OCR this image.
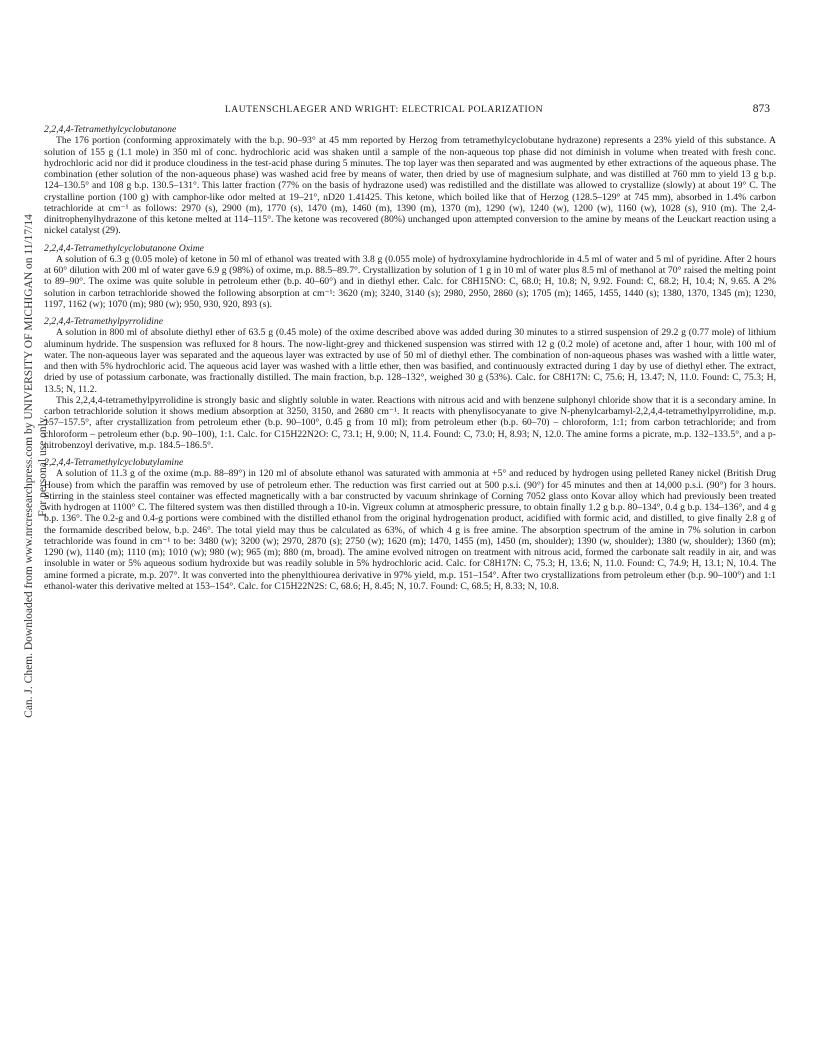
LAUTENSCHLAEGER AND WRIGHT: ELECTRICAL POLARIZATION	873
Can. J. Chem. Downloaded from www.nrcresearchpress.com by UNIVERSITY OF MICHIGAN on 11/17/14 For personal use only.

2,2,4,4-Tetramethylcyclobutanone

The 176 portion (conforming approximately with the b.p. 90–93° at 45 mm reported by Herzog from tetramethylcyclobutane hydrazone) represents a 23% yield of this substance. A solution of 155 g (1.1 mole) in 350 ml of conc. hydrochloric acid was shaken until a sample of the non-aqueous top phase did not diminish in volume when treated with fresh conc. hydrochloric acid nor did it produce cloudiness in the test-acid phase during 5 minutes. The top layer was then separated and was augmented by ether extractions of the aqueous phase. The combination (ether solution of the non-aqueous phase) was washed acid free by means of water, then dried by use of magnesium sulphate, and was distilled at 760 mm to yield 13 g b.p. 124–130.5° and 108 g b.p. 130.5–131°. This latter fraction (77% on the basis of hydrazone used) was redistilled and the distillate was allowed to crystallize (slowly) at about 19° C. The crystalline portion (100 g) with camphor-like odor melted at 19–21°, nD20 1.41425. This ketone, which boiled like that of Herzog (128.5–129° at 745 mm), absorbed in 1.4% carbon tetrachloride at cm⁻¹ as follows: 2970 (s), 2900 (m), 1770 (s), 1470 (m), 1460 (m), 1390 (m), 1370 (m), 1290 (w), 1240 (w), 1200 (w), 1160 (w), 1028 (s), 910 (m). The 2,4-dinitrophenylhydrazone of this ketone melted at 114–115°. The ketone was recovered (80%) unchanged upon attempted conversion to the amine by means of the Leuckart reaction using a nickel catalyst (29).

2,2,4,4-Tetramethylcyclobutanone Oxime

A solution of 6.3 g (0.05 mole) of ketone in 50 ml of ethanol was treated with 3.8 g (0.055 mole) of hydroxylamine hydrochloride in 4.5 ml of water and 5 ml of pyridine. After 2 hours at 60° dilution with 200 ml of water gave 6.9 g (98%) of oxime, m.p. 88.5–89.7°. Crystallization by solution of 1 g in 10 ml of water plus 8.5 ml of methanol at 70° raised the melting point to 89–90°. The oxime was quite soluble in petroleum ether (b.p. 40–60°) and in diethyl ether. Calc. for C8H15NO: C, 68.0; H, 10.8; N, 9.92. Found: C, 68.2; H, 10.4; N, 9.65. A 2% solution in carbon tetrachloride showed the following absorption at cm⁻¹: 3620 (m); 3240, 3140 (s); 2980, 2950, 2860 (s); 1705 (m); 1465, 1455, 1440 (s); 1380, 1370, 1345 (m); 1230, 1197, 1162 (w); 1070 (m); 980 (w); 950, 930, 920, 893 (s).

2,2,4,4-Tetramethylpyrrolidine

A solution in 800 ml of absolute diethyl ether of 63.5 g (0.45 mole) of the oxime described above was added during 30 minutes to a stirred suspension of 29.2 g (0.77 mole) of lithium aluminum hydride. The suspension was refluxed for 8 hours. The now-light-grey and thickened suspension was stirred with 12 g (0.2 mole) of acetone and, after 1 hour, with 100 ml of water. The non-aqueous layer was separated and the aqueous layer was extracted by use of 50 ml of diethyl ether. The combination of non-aqueous phases was washed with a little water, and then with 5% hydrochloric acid. The aqueous acid layer was washed with a little ether, then was basified, and continuously extracted during 1 day by use of diethyl ether. The extract, dried by use of potassium carbonate, was fractionally distilled. The main fraction, b.p. 128–132°, weighed 30 g (53%). Calc. for C8H17N: C, 75.6; H, 13.47; N, 11.0. Found: C, 75.3; H, 13.5; N, 11.2.

This 2,2,4,4-tetramethylpyrrolidine is strongly basic and slightly soluble in water. Reactions with nitrous acid and with benzene sulphonyl chloride show that it is a secondary amine. In carbon tetrachloride solution it shows medium absorption at 3250, 3150, and 2680 cm⁻¹. It reacts with phenylisocyanate to give N-phenylcarbamyl-2,2,4,4-tetramethylpyrrolidine, m.p. 157–157.5°, after crystallization from petroleum ether (b.p. 90–100°, 0.45 g from 10 ml); from petroleum ether (b.p. 60–70) – chloroform, 1:1; from carbon tetrachloride; and from chloroform – petroleum ether (b.p. 90–100), 1:1. Calc. for C15H22N2O: C, 73.1; H, 9.00; N, 11.4. Found: C, 73.0; H, 8.93; N, 12.0. The amine forms a picrate, m.p. 132–133.5°, and a p-nitrobenzoyl derivative, m.p. 184.5–186.5°.

2,2,4,4-Tetramethylcyclobutylamine

A solution of 11.3 g of the oxime (m.p. 88–89°) in 120 ml of absolute ethanol was saturated with ammonia at +5° and reduced by hydrogen using pelleted Raney nickel (British Drug House) from which the paraffin was removed by use of petroleum ether. The reduction was first carried out at 500 p.s.i. (90°) for 45 minutes and then at 14,000 p.s.i. (90°) for 3 hours. Stirring in the stainless steel container was effected magnetically with a bar constructed by vacuum shrinkage of Corning 7052 glass onto Kovar alloy which had previously been treated with hydrogen at 1100° C. The filtered system was then distilled through a 10-in. Vigreux column at atmospheric pressure, to obtain finally 1.2 g b.p. 80–134°, 0.4 g b.p. 134–136°, and 4 g b.p. 136°. The 0.2-g and 0.4-g portions were combined with the distilled ethanol from the original hydrogenation product, acidified with formic acid, and distilled, to give finally 2.8 g of the formamide described below, b.p. 246°. The total yield may thus be calculated as 63%, of which 4 g is free amine. The absorption spectrum of the amine in 7% solution in carbon tetrachloride was found in cm⁻¹ to be: 3480 (w); 3200 (w); 2970, 2870 (s); 2750 (w); 1620 (m); 1470, 1455 (m), 1450 (m, shoulder); 1390 (w, shoulder); 1380 (w, shoulder); 1360 (m); 1290 (w), 1140 (m); 1110 (m); 1010 (w); 980 (w); 965 (m); 880 (m, broad). The amine evolved nitrogen on treatment with nitrous acid, formed the carbonate salt readily in air, and was insoluble in water or 5% aqueous sodium hydroxide but was readily soluble in 5% hydrochloric acid. Calc. for C8H17N: C, 75.3; H, 13.6; N, 11.0. Found: C, 74.9; H, 13.1; N, 10.4. The amine formed a picrate, m.p. 207°. It was converted into the phenylthiourea derivative in 97% yield, m.p. 151–154°. After two crystallizations from petroleum ether (b.p. 90–100°) and 1:1 ethanol-water this derivative melted at 153–154°. Calc. for C15H22N2S: C, 68.6; H, 8.45; N, 10.7. Found: C, 68.5; H, 8.33; N, 10.8.
